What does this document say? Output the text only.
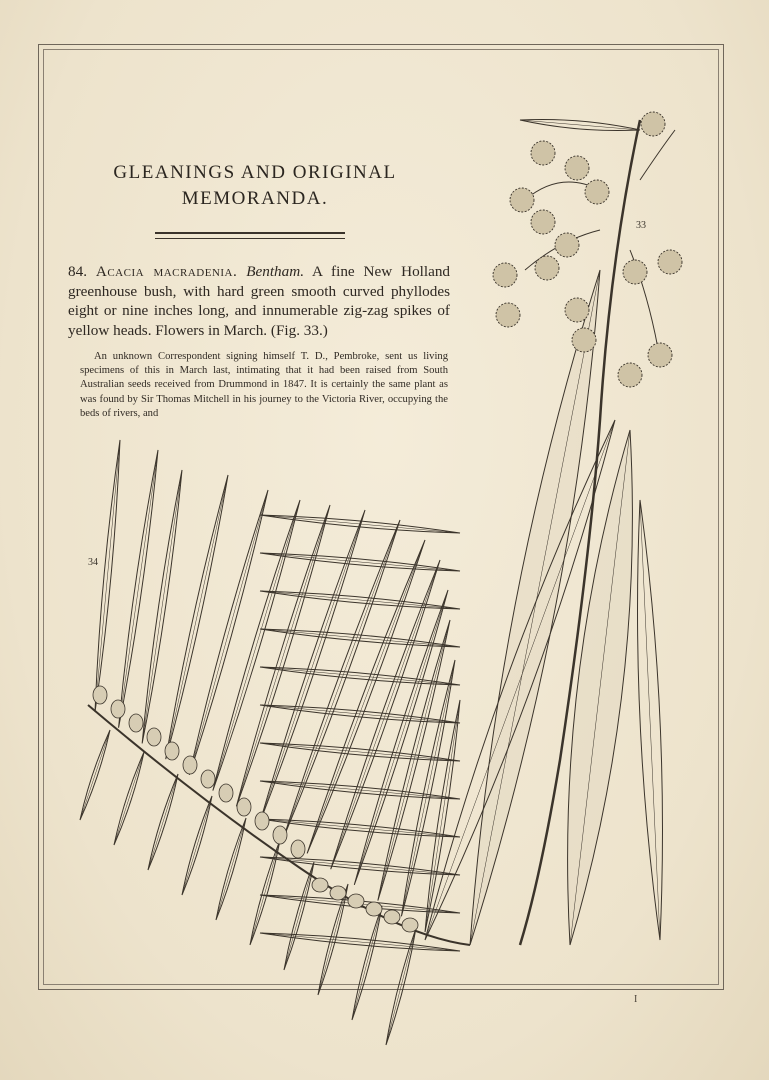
GLEANINGS AND ORIGINAL
MEMORANDA.
84. Acacia macradenia. Bentham. A fine New Holland greenhouse bush, with hard green smooth curved phyllodes eight or nine inches long, and innumerable zig-zag spikes of yellow heads. Flowers in March. (Fig. 33.)

An unknown Correspondent signing himself T. D., Pembroke, sent us living specimens of this in March last, intimating that it had been raised from South Australian seeds received from Drummond in 1847. It is certainly the same plant as was found by Sir Thomas Mitchell in his journey to the Victoria River, occupying the beds of rivers, and

33
34
I
